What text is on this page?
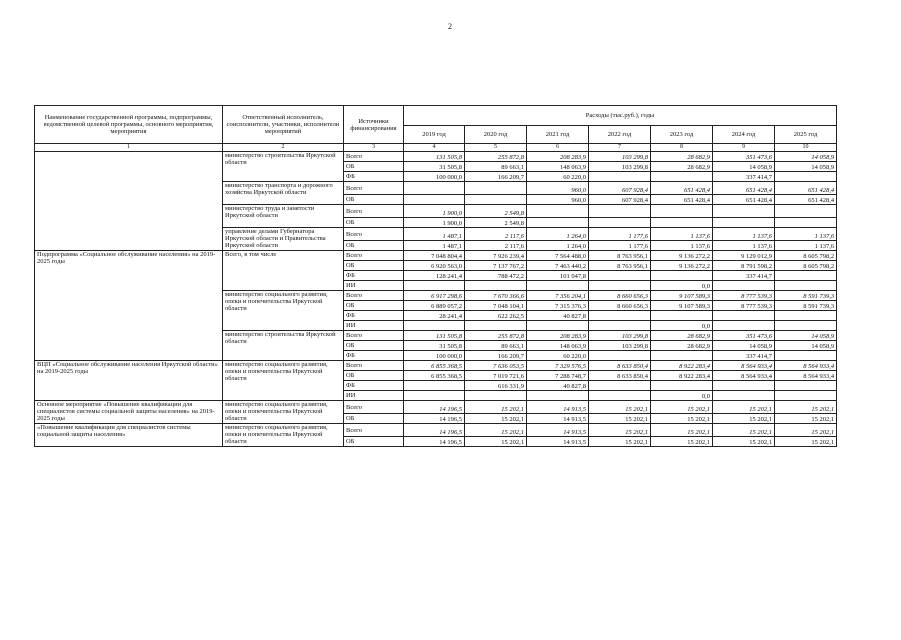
2
Наименование государственной программы, подпрограммы, ведомственной целевой программы, основного мероприятия, мероприятия	Ответственный исполнитель, соисполнители, участники, исполнители мероприятий	Источники финансирования	Расходы (тыс.руб.), годы						
			2019 год	2020 год	2021 год	2022 год	2023 год	2024 год	2025 год
1	2	3	4	5	6	7	8	9	10
	министерство строительства Иркутской области	Всего	131 505,8	255 872,8	208 283,9	103 299,8	28 682,9	351 473,6	14 058,9
		ОБ	31 505,8	89 663,1	148 063,9	103 299,8	28 682,9	14 058,9	14 058,9
		ФБ	100 000,0	166 209,7	60 220,0			337 414,7	
	министерство транспорта и дорожного хозяйства Иркутской области	Всего			960,0	607 928,4	651 428,4	651 428,4	651 428,4
		ОБ			960,0	607 928,4	651 428,4	651 428,4	651 428,4
	министерство труда и занятости Иркутской области	Всего	1 900,0	2 549,8					
		ОБ	1 900,0	2 549,8					
	управление делами Губернатора Иркутской области и Правительства Иркутской области	Всего	1 487,1	2 117,6	1 264,0	1 177,6	1 137,6	1 137,6	1 137,6
		ОБ	1 487,1	2 117,6	1 264,0	1 177,6	1 137,6	1 137,6	1 137,6
Подпрограмма «Социальное обслуживание населения» на 2019-2025 годы	Всего, в том числе	Всего	7 048 804,4	7 926 239,4	7 564 488,0	8 763 956,1	9 136 272,2	9 129 012,9	8 605 798,2
		ОБ	6 920 563,0	7 137 767,2	7 463 440,2	8 763 956,1	9 136 272,2	8 791 598,2	8 605 798,2
		ФБ	128 241,4	788 472,2	101 047,8			337 414,7	
		ИИ					0,0		
	министерство социального развития, опеки и попечительства Иркутской области	Всего	6 917 298,6	7 670 366,6	7 356 204,1	8 660 656,3	9 107 589,3	8 777 539,3	8 591 739,3
		ОБ	6 889 057,2	7 048 104,1	7 315 376,3	8 660 656,3	9 107 589,3	8 777 539,3	8 591 739,3
		ФБ	28 241,4	622 262,5	40 827,8				
		ИИ					0,0		
	министерство строительства Иркутской области	Всего	131 505,8	255 872,8	208 283,9	103 299,8	28 682,9	351 473,6	14 058,9
		ОБ	31 505,8	89 663,1	148 063,9	103 299,8	28 682,9	14 058,9	14 058,9
		ФБ	100 000,0	166 209,7	60 220,0			337 414,7	
ВЦП «Социальное обслуживание населения Иркутской области» на 2019-2025 годы	министерство социального развития, опеки и попечительства Иркутской области	Всего	6 855 368,5	7 636 053,5	7 329 576,5	8 633 850,4	8 922 283,4	8 564 933,4	8 564 933,4
		ОБ	6 855 368,5	7 019 721,6	7 288 748,7	8 633 850,4	8 922 283,4	8 564 933,4	8 564 933,4
		ФБ		616 331,9	40 827,8				
		ИИ					0,0		
Основное мероприятие «Повышение квалификации для специалистов системы социальной защиты населения» на 2019-2025 годы	министерство социального развития, опеки и попечительства Иркутской области	Всего	14 196,5	15 202,1	14 913,5	15 202,1	15 202,1	15 202,1	15 202,1
		ОБ	14 196,5	15 202,1	14 913,5	15 202,1	15 202,1	15 202,1	15 202,1
«Повышение квалификации для специалистов системы социальной защиты населения»	министерство социального развития, опеки и попечительства Иркутской области	Всего	14 196,5	15 202,1	14 913,5	15 202,1	15 202,1	15 202,1	15 202,1
		ОБ	14 196,5	15 202,1	14 913,5	15 202,1	15 202,1	15 202,1	15 202,1
